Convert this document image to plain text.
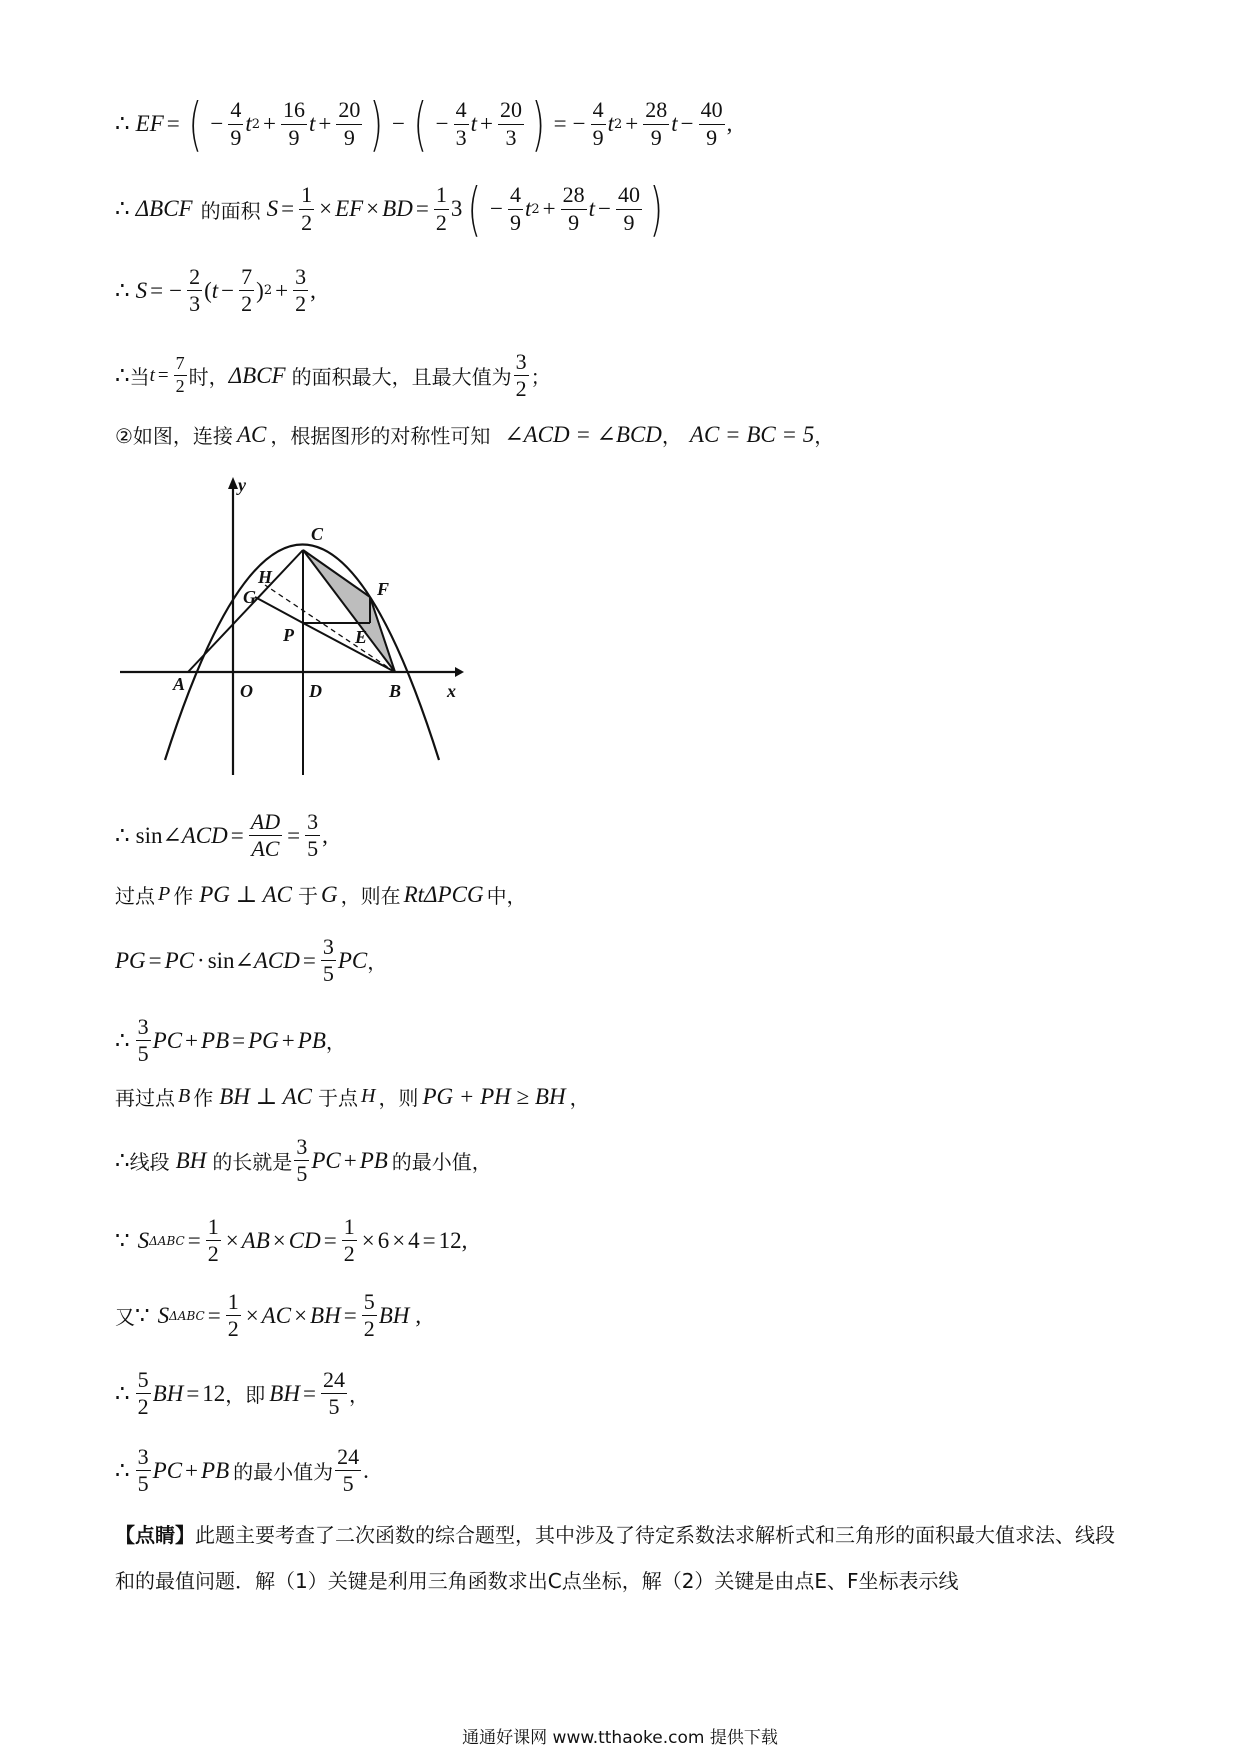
∴ EF = ( − $\frac{4}{9}$ t $2 + \frac{16}{9}$ $t + \frac{20}{9}$ ) − ( − $\frac{4}{3}$ $t + \frac{20}{3}$ ) = − $\frac{4}{9}$ t $2 + \frac{28}{9}$ $t - \frac{40}{9}$ ,
∴ ΔBCF 的面积 $S = \frac{1}{2}$ × EF × BD = $\frac{1}{2} 3$ ( − $\frac{4}{9}$ t $2 + \frac{28}{9}$ $t - \frac{40}{9}$ )
∴ S = − $\frac{2}{3}$ ( $t - \frac{7}{2}$ ) $2 + \frac{3}{2}$ ,
∴ 当 $t = \frac{7}{2}$ 时， ΔBCF 的面积最大，且最大值为 $\frac{3}{2}$ ；
②如图，连接 AC ，根据图形的对称性可知 ∠ACD = ∠BCD ， AC = BC = 5 ，
y
x
C
H
G	F
P	E
A	O	D	B
∴ sin ∠ACD = $\frac{AD}{AC} = \frac{3}{5}$ ,
过点 P 作 PG ⊥ AC 于 G ，则在 RtΔPCG 中，
PG = PC · sin ∠ACD = $\frac{3}{5}$ PC ，
∴ $\frac{3}{5}$ PC + PB = PG + PB ，
再过点 B 作 BH ⊥ AC 于点 H ，则 PG + PH ≥ BH ，
∴ 线段 BH 的长就是 $\frac{3}{5}$ PC + PB 的最小值，
∵ S $\Delta ABC = \frac{1}{2}$ × AB × CD = $\frac{1}{2} \times 6 \times 4 = 12$ ,
又 ∵ S $\Delta ABC = \frac{1}{2}$ × AC × BH = $\frac{5}{2}$ BH ,
∴ $\frac{5}{2}$ BH = 12 ，即 BH = $\frac{24}{5}$ ，
∴ $\frac{3}{5}$ PC + PB 的最小值为 $\frac{24}{5}$ .
【点睛】此题主要考查了二次函数的综合题型，其中涉及了待定系数法求解析式和三角形的面积最大值求法、线段和的最值问题．解（1）关键是利用三角函数求出C点坐标，解（2）关键是由点E、F坐标表示线
通通好课网 www.tthaoke.com 提供下载
